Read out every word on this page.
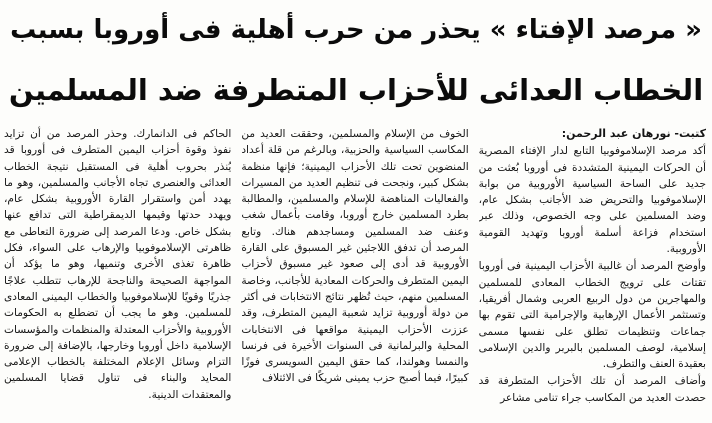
« مرصد الإفتاء » يحذر من حرب أهلية فى أوروبا بسبب
الخطاب العدائى للأحزاب المتطرفة ضد المسلمين
كتبت- نورهان عبد الرحمن:

أكد مرصد الإسلاموفوبيا التابع لدار الإفتاء المصرية أن الحركات اليمينية المتشددة فى أوروبا بُعثت من جديد على الساحة السياسية الأوروبية من بوابة الإسلاموفوبيا والتحريض ضد الأجانب بشكل عام، وضد المسلمين على وجه الخصوص، وذلك عبر استخدام فزاعة أسلمة أوروبا وتهديد القومية الأوروبية.

وأوضح المرصد أن غالبية الأحزاب اليمينية فى أوروبا تقتات على ترويج الخطاب المعادى للمسلمين والمهاجرين من دول الربيع العربى وشمال أفريقيا، وتستثمر الأعمال الإرهابية والإجرامية التى تقوم بها جماعات وتنظيمات تطلق على نفسها مسمى إسلامية، لوصف المسلمين بالبربر والدين الإسلامى بعقيدة العنف والتطرف.

وأضاف المرصد أن تلك الأحزاب المتطرفة قد حصدت العديد من المكاسب جراء تنامى مشاعر

الخوف من الإسلام والمسلمين، وحققت العديد من المكاسب السياسية والحزبية، وبالرغم من قلة أعداد المنضوين تحت تلك الأحزاب اليمينية؛ فإنها منظمة بشكل كبير، ونجحت فى تنظيم العديد من المسيرات والفعاليات المناهضة للإسلام والمسلمين، والمطالبة بطرد المسلمين خارج أوروبا، وقامت بأعمال شغب وعنف ضد المسلمين ومساجدهم هناك. وتابع المرصد أن تدفق اللاجئين غير المسبوق على القارة الأوروبية قد أدى إلى صعود غير مسبوق لأحزاب اليمين المتطرف والحركات المعادية للأجانب، وخاصة المسلمين منهم، حيث تُظهر نتائج الانتخابات فى أكثر من دولة أوروبية تزايد شعبية اليمين المتطرف، وقد عززت الأحزاب اليمينية مواقعها فى الانتخابات المحلية والبرلمانية فى السنوات الأخيرة فى فرنسا والنمسا وهولندا، كما حقق اليمين السويسرى فوزًا كبيرًا، فيما أصبح حزب يمينى شريكًا فى الائتلاف

الحاكم فى الدانمارك. وحذر المرصد من أن تزايد نفوذ وقوة أحزاب اليمين المتطرف فى أوروبا قد يُنذر بحروب أهلية فى المستقبل نتيجة الخطاب العدائى والعنصرى تجاه الأجانب والمسلمين، وهو ما يهدد أمن واستقرار القارة الأوروبية بشكل عام، ويهدد حدتها وقيمها الديمقراطية التى تدافع عنها بشكل خاص. ودعا المرصد إلى ضرورة التعاطى مع ظاهرتى الإسلاموفوبيا والإرهاب على السواء، فكل ظاهرة تغذى الأخرى وتنميها، وهو ما يؤكد أن المواجهة الصحيحة والناجحة للإرهاب تتطلب علاجًا جذريًا وقويًا للإسلاموفوبيا والخطاب اليمينى المعادى للمسلمين. وهو ما يجب أن تضطلع به الحكومات الأوروبية والأحزاب المعتدلة والمنظمات والمؤسسات الإسلامية داخل أوروبا وخارجها، بالإضافة إلى ضرورة التزام وسائل الإعلام المختلفة بالخطاب الإعلامى المحايد والبناء فى تناول قضايا المسلمين والمعتقدات الدينية.
